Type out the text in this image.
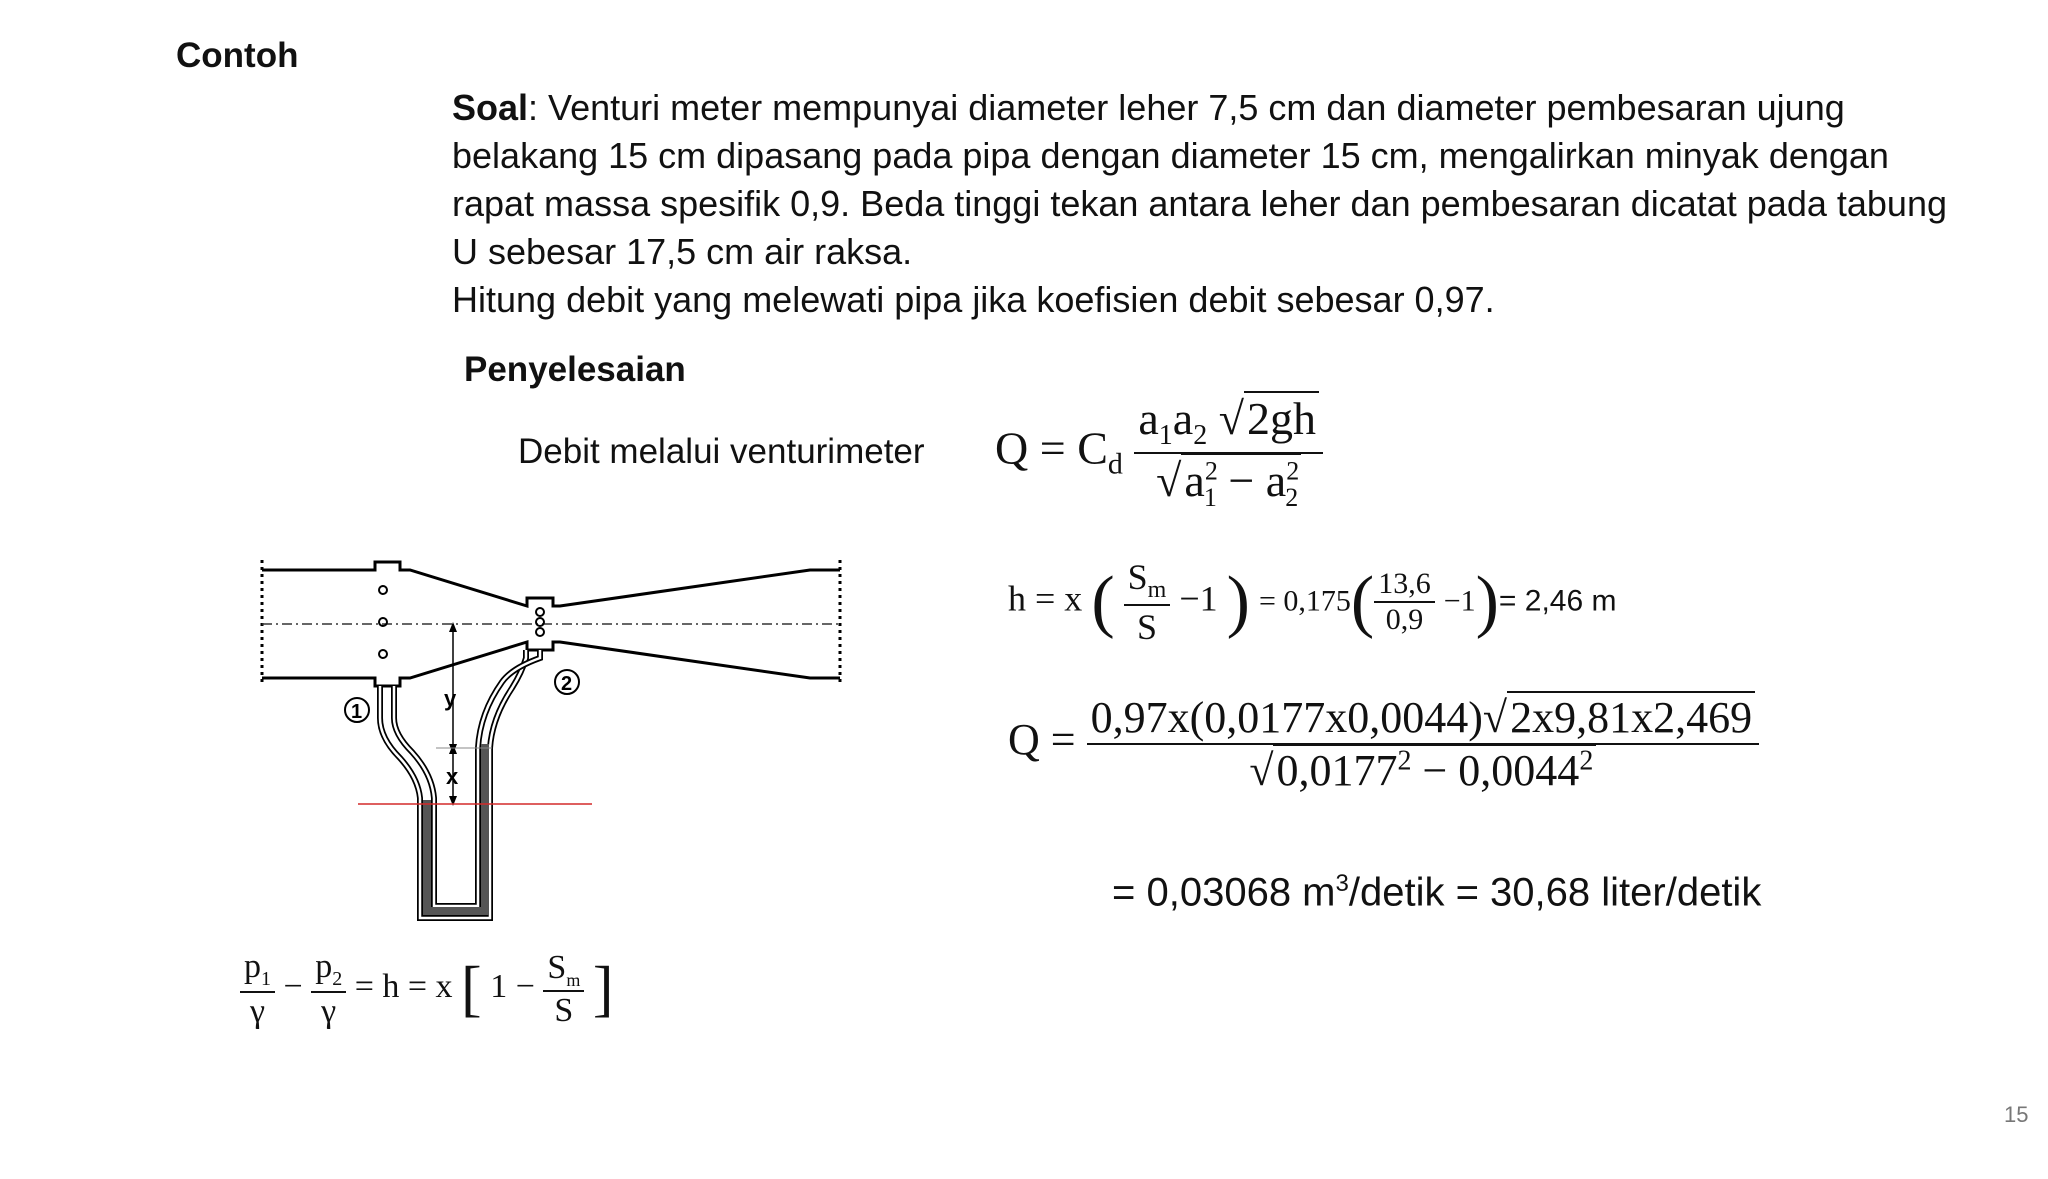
Contoh

Soal: Venturi meter mempunyai diameter leher 7,5 cm dan diameter pembesaran ujung belakang 15 cm dipasang pada pipa dengan diameter 15 cm, mengalirkan minyak dengan rapat massa spesifik 0,9. Beda tinggi tekan antara leher dan pembesaran dicatat pada tabung U sebesar 17,5 cm air raksa.

Hitung debit yang melewati pipa jika koefisien debit sebesar 0,97.

Penyelesaian
Debit melalui venturimeter $Q = C_d \frac{a_1a_2 √2gh}{√a^2_1 - a^2_2}$
h = x ( $\frac{S_m}{S} -1$ ) = $0,175( \frac{13,6}{0,9} -1)= 2,46$ m
$Q = \frac{0,97x(0,0177x0,0044)√2x9,81x2,469}{√0,0177^2 - 0,0044^2}$
= 0,03068 $m^3$/detik = 30,68 liter/detik
$\frac{p_1}{\gamma} - \frac{p_2}{\gamma} = h = x$ [ $1 - \frac{S_m}{S}$ ]
y
x
1
2
15
